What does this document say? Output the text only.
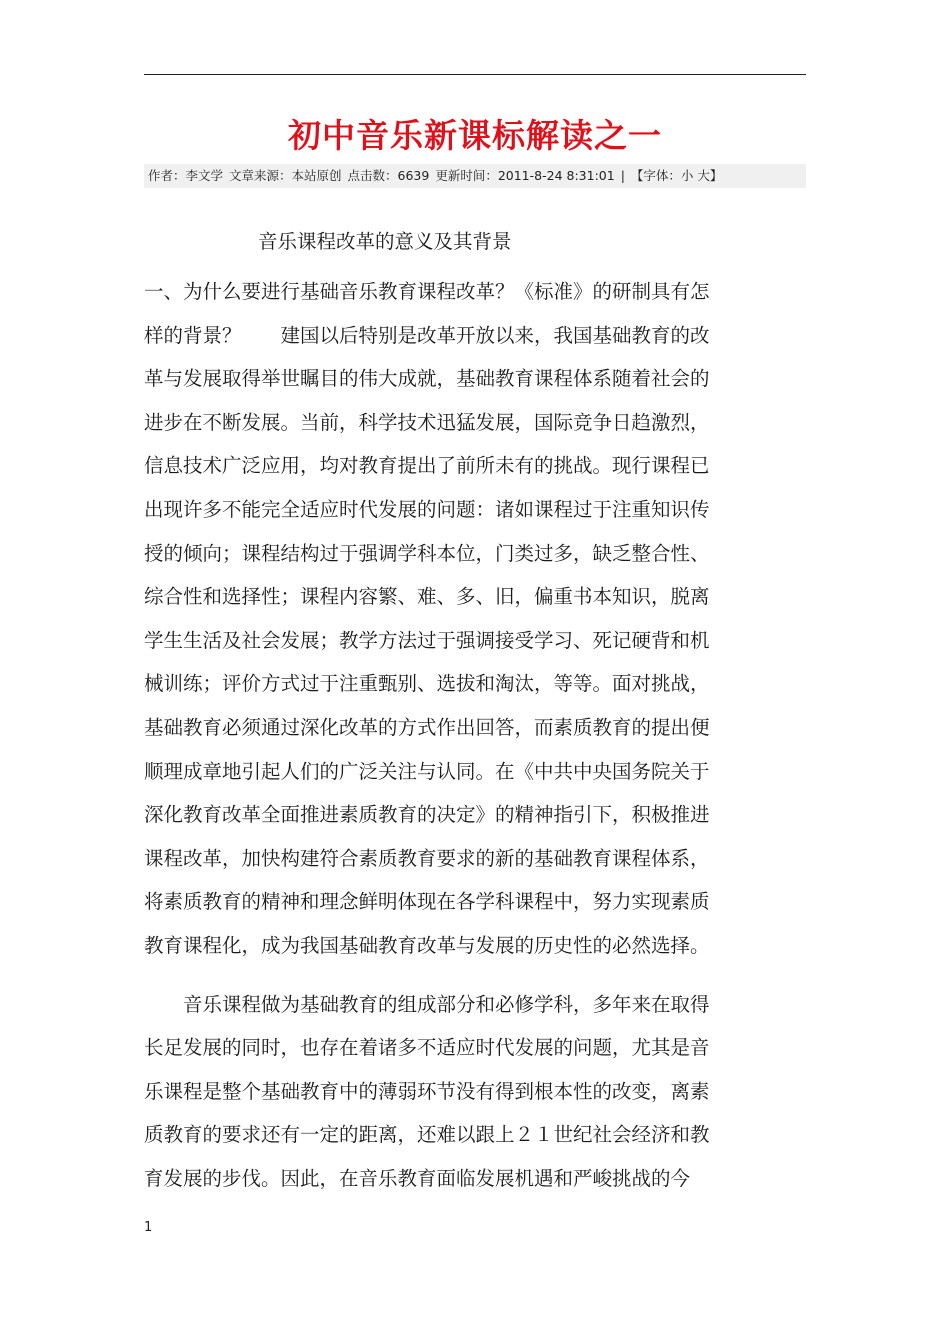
初中音乐新课标解读之一
作者：李文学 文章来源：本站原创 点击数：6639 更新时间：2011-8-24 8:31:01 | 【字体：小 大】
音乐课程改革的意义及其背景
一、为什么要进行基础音乐教育课程改革？《标准》的研制具有怎
样的背景？　　建国以后特别是改革开放以来，我国基础教育的改
革与发展取得举世瞩目的伟大成就，基础教育课程体系随着社会的
进步在不断发展。当前，科学技术迅猛发展，国际竞争日趋激烈，
信息技术广泛应用，均对教育提出了前所未有的挑战。现行课程已
出现许多不能完全适应时代发展的问题：诸如课程过于注重知识传
授的倾向；课程结构过于强调学科本位，门类过多，缺乏整合性、
综合性和选择性；课程内容繁、难、多、旧，偏重书本知识，脱离
学生生活及社会发展；教学方法过于强调接受学习、死记硬背和机
械训练；评价方式过于注重甄别、选拔和淘汰，等等。面对挑战，
基础教育必须通过深化改革的方式作出回答，而素质教育的提出便
顺理成章地引起人们的广泛关注与认同。在《中共中央国务院关于
深化教育改革全面推进素质教育的决定》的精神指引下，积极推进
课程改革，加快构建符合素质教育要求的新的基础教育课程体系，
将素质教育的精神和理念鲜明体现在各学科课程中，努力实现素质
教育课程化，成为我国基础教育改革与发展的历史性的必然选择。
　　音乐课程做为基础教育的组成部分和必修学科，多年来在取得
长足发展的同时，也存在着诸多不适应时代发展的问题，尤其是音
乐课程是整个基础教育中的薄弱环节没有得到根本性的改变，离素
质教育的要求还有一定的距离，还难以跟上２１世纪社会经济和教
育发展的步伐。因此，在音乐教育面临发展机遇和严峻挑战的今
1
